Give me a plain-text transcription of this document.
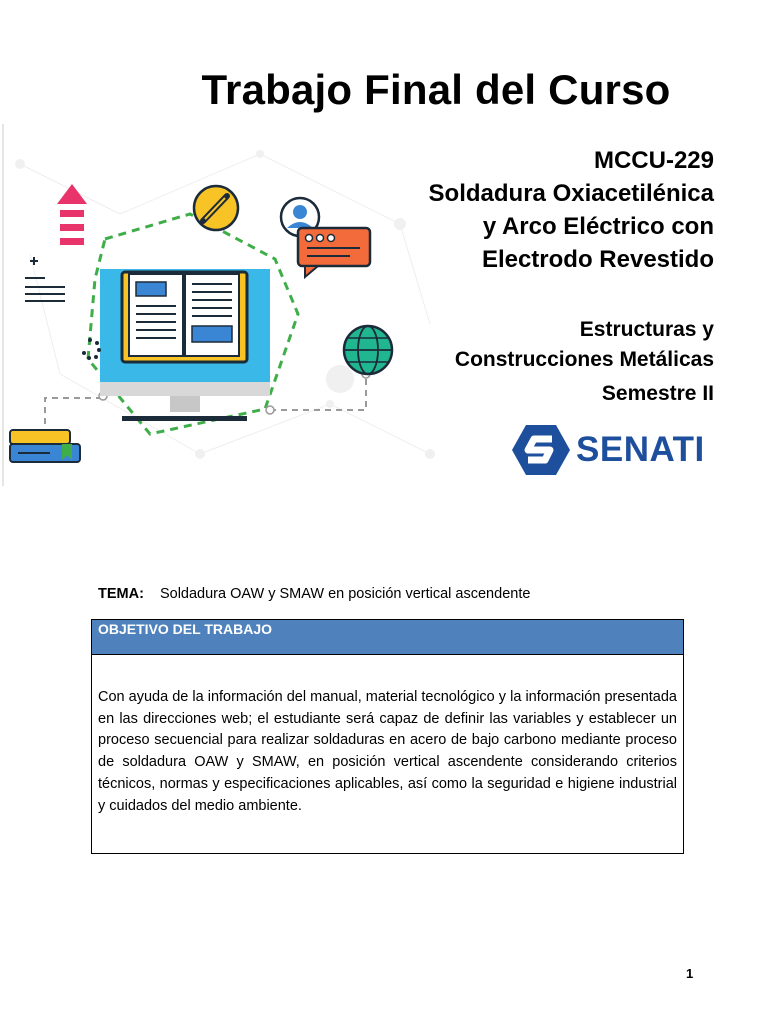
Trabajo Final del Curso
MCCU-229
Soldadura Oxiacetilénica
y Arco Eléctrico con
Electrodo Revestido
Estructuras y
Construcciones Metálicas
Semestre II
SENATI
TEMA: Soldadura OAW y SMAW en posición vertical ascendente
OBJETIVO DEL TRABAJO
Con ayuda de la información del manual, material tecnológico y la información presentada en las direcciones web; el estudiante será capaz de definir las variables y establecer un proceso secuencial para realizar soldaduras en acero de bajo carbono mediante proceso de soldadura OAW y SMAW, en posición vertical ascendente considerando criterios técnicos, normas y especificaciones aplicables, así como la seguridad e higiene industrial y cuidados del medio ambiente.
1
